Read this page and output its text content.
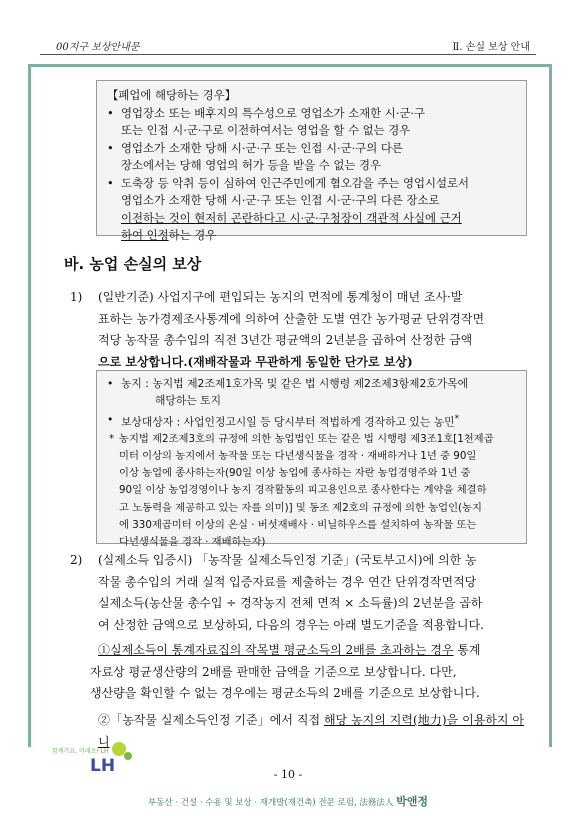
00지구 보상안내문	Ⅱ. 손실 보상 안내
【폐업에 해당하는 경우】
• 영업장소 또는 배후지의 특수성으로 영업소가 소재한 시·군·구
또는 인접 시·군·구로 이전하여서는 영업을 할 수 없는 경우
• 영업소가 소재한 당해 시·군·구 또는 인접 시·군·구의 다른
장소에서는 당해 영업의 허가 등을 받을 수 없는 경우
• 도축장 등 악취 등이 심하여 인근주민에게 혐오감을 주는 영업시설로서
영업소가 소재한 당해 시·군·구 또는 인접 시·군·구의 다른 장소로
이전하는 것이 현저히 곤란하다고 시·군·구청장이 객관적 사실에 근거
하여 인정하는 경우
바. 농업 손실의 보상
1)	(일반기준) 사업지구에 편입되는 농지의 면적에 통계청이 매년 조사·발
표하는 농가경제조사통계에 의하여 산출한 도별 연간 농가평균 단위경작면
적당 농작물 총수입의 직전 3년간 평균액의 2년분을 곱하여 산정한 금액
으로 보상합니다.(재배작물과 무관하게 동일한 단가로 보상)
• 농지 : 농지법 제2조제1호가목 및 같은 법 시행령 제2조제3항제2호가목에
해당하는 토지
• 보상대상자 : 사업인정고시일 등 당시부터 적법하게 경작하고 있는 농민*
* 농지법 제2조제3호의 규정에 의한 농업법인 또는 같은 법 시행령 제3조1호[1천제곱
미터 이상의 농지에서 농작물 또는 다년생식물을 경작 · 재배하거나 1년 중 90일
이상 농업에 종사하는자(90일 이상 농업에 종사하는 자란 농업경영주와 1년 중
90일 이상 농업경영이나 농지 경작활동의 피고용인으로 종사한다는 계약을 체결하
고 노동력을 제공하고 있는 자를 의미)] 및 동조 제2호의 규정에 의한 농업인(농지
에 330제곱미터 이상의 온실 · 버섯재배사 · 비닐하우스를 설치하여 농작물 또는
다년생식물을 경작 · 재배하는자)
2)	(실제소득 입증시) 「농작물 실제소득인정 기준」(국토부고시)에 의한 농
작물 총수입의 거래 실적 입증자료를 제출하는 경우 연간 단위경작면적당
실제소득(농산물 총수입 ÷ 경작농지 전체 면적 × 소득률)의 2년분을 곱하
여 산정한 금액으로 보상하되, 다음의 경우는 아래 별도기준을 적용합니다.
①실제소득이 통계자료집의 작목별 평균소득의 2배를 초과하는 경우 통계
자료상 평균생산량의 2배를 판매한 금액을 기준으로 보상합니다. 다만,
생산량을 확인할 수 없는 경우에는 평균소득의 2배를 기준으로 보상합니다.
②「농작물 실제소득인정 기준」에서 직접 해당 농지의 지력(地力)을 이용하지 아니
함께가요, 미래로! LH
LH	- 10 -
부동산 · 건설 · 수용 및 보상 · 재개발(재건축) 전문 로펌, 法務法人 박앤정
